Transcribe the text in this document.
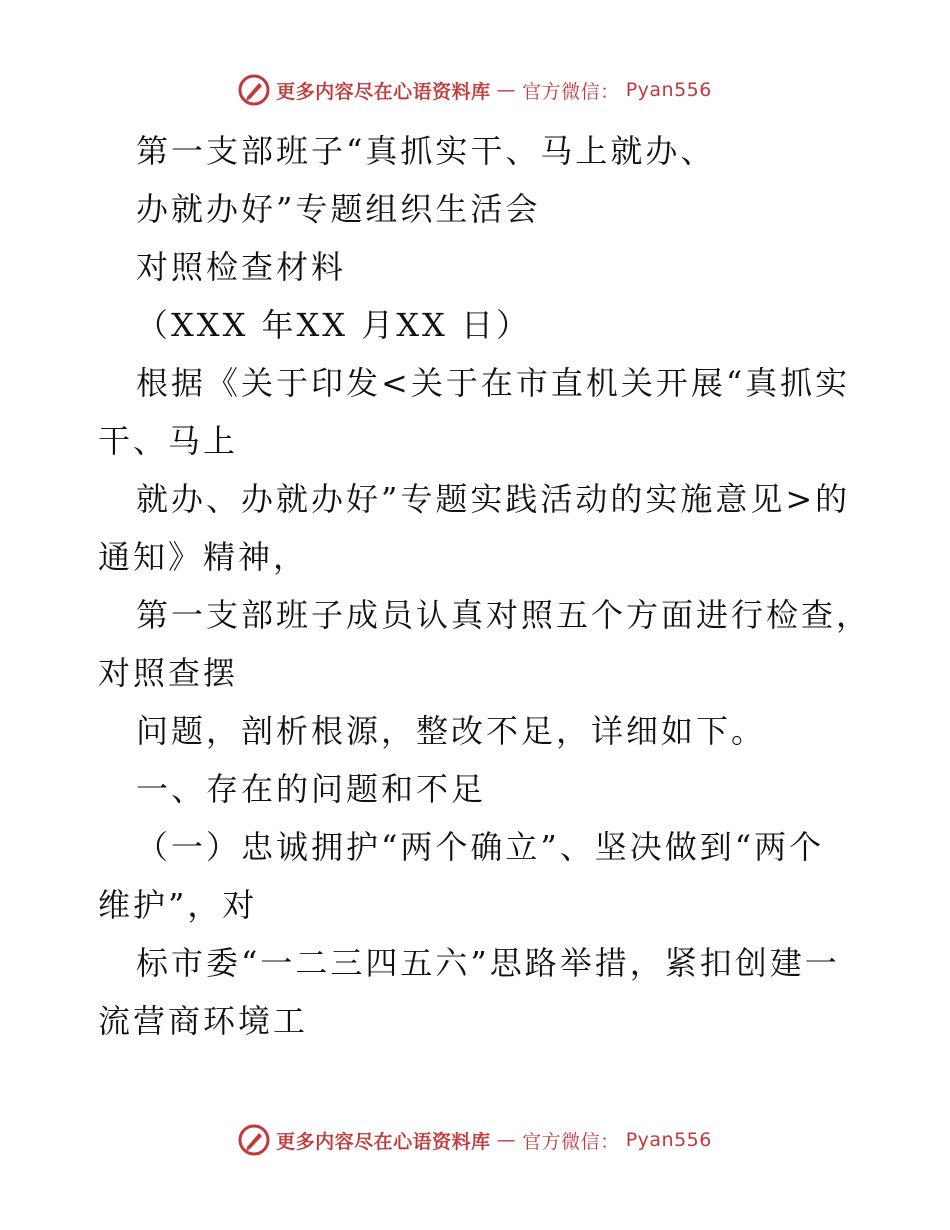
更多内容尽在心语资料库 — 官方微信： Pyan556
第一支部班子“真抓实干、马上就办、
办就办好”专题组织生活会
对照检查材料
（XXX 年XX 月XX 日）
根据《关于印发<关于在市直机关开展“真抓实
干、马上
就办、办就办好”专题实践活动的实施意见>的
通知》精神，
第一支部班子成员认真对照五个方面进行检查，
对照查摆
问题，剖析根源，整改不足，详细如下。
一、存在的问题和不足
（一）忠诚拥护“两个确立”、坚决做到“两个
维护”，对
标市委“一二三四五六”思路举措，紧扣创建一
流营商环境工
更多内容尽在心语资料库 — 官方微信： Pyan556
